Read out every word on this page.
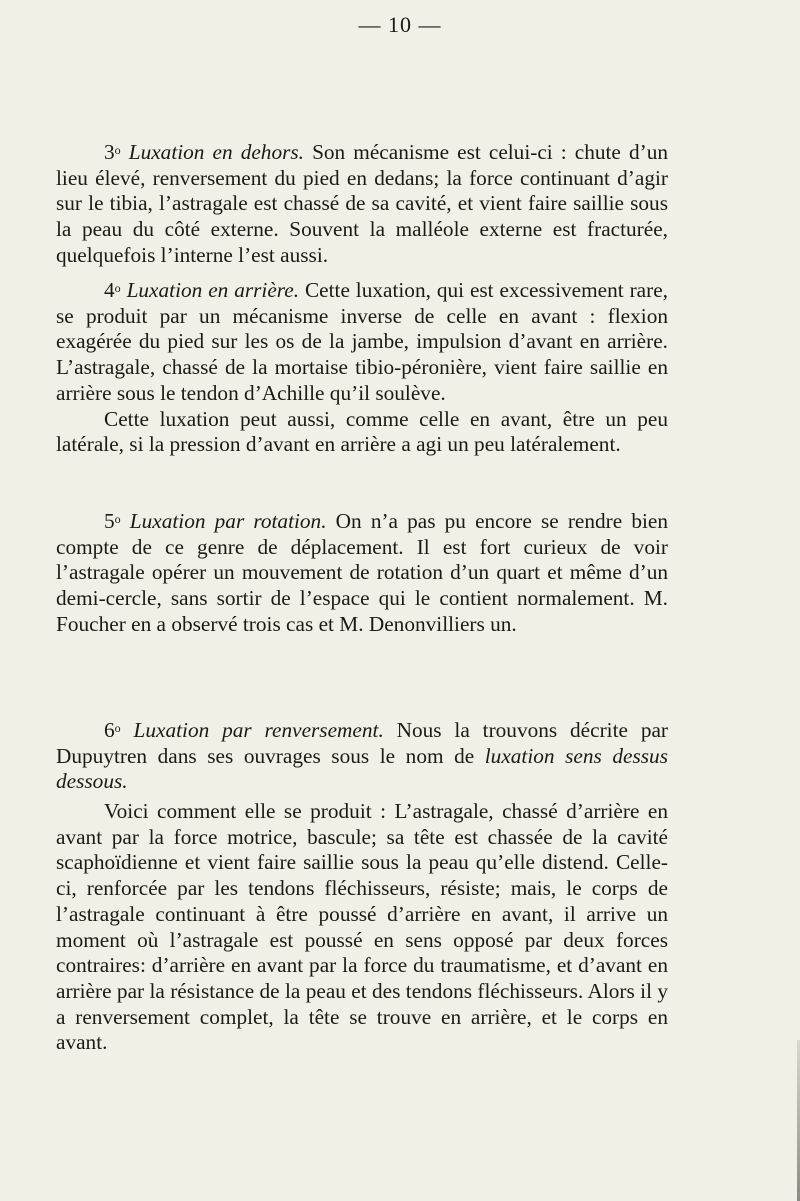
— 10 —

3$^o$ Luxation en dehors. Son mécanisme est celui-ci : chute d’un lieu élevé, renversement du pied en dedans; la force continuant d’agir sur le tibia, l’astragale est chassé de sa cavité, et vient faire saillie sous la peau du côté externe. Souvent la malléole externe est fracturée, quelquefois l’interne l’est aussi.

4$^o$ Luxation en arrière. Cette luxation, qui est excessivement rare, se produit par un mécanisme inverse de celle en avant : flexion exagérée du pied sur les os de la jambe, impulsion d’avant en arrière. L’astragale, chassé de la mortaise tibio-péronière, vient faire saillie en arrière sous le tendon d’Achille qu’il soulève.

Cette luxation peut aussi, comme celle en avant, être un peu latérale, si la pression d’avant en arrière a agi un peu latéralement.

5$^o$ Luxation par rotation. On n’a pas pu encore se rendre bien compte de ce genre de déplacement. Il est fort curieux de voir l’astragale opérer un mouvement de rotation d’un quart et même d’un demi-cercle, sans sortir de l’espace qui le contient normalement. M. Foucher en a observé trois cas et M. Denonvilliers un.

6$^o$ Luxation par renversement. Nous la trouvons décrite par Dupuytren dans ses ouvrages sous le nom de luxation sens dessus dessous.

Voici comment elle se produit : L’astragale, chassé d’arrière en avant par la force motrice, bascule; sa tête est chassée de la cavité scaphoïdienne et vient faire saillie sous la peau qu’elle distend. Celle-ci, renforcée par les tendons fléchisseurs, résiste; mais, le corps de l’astragale continuant à être poussé d’arrière en avant, il arrive un moment où l’astragale est poussé en sens opposé par deux forces contraires: d’arrière en avant par la force du traumatisme, et d’avant en arrière par la résistance de la peau et des tendons fléchisseurs. Alors il y a renversement complet, la tête se trouve en arrière, et le corps en avant.
